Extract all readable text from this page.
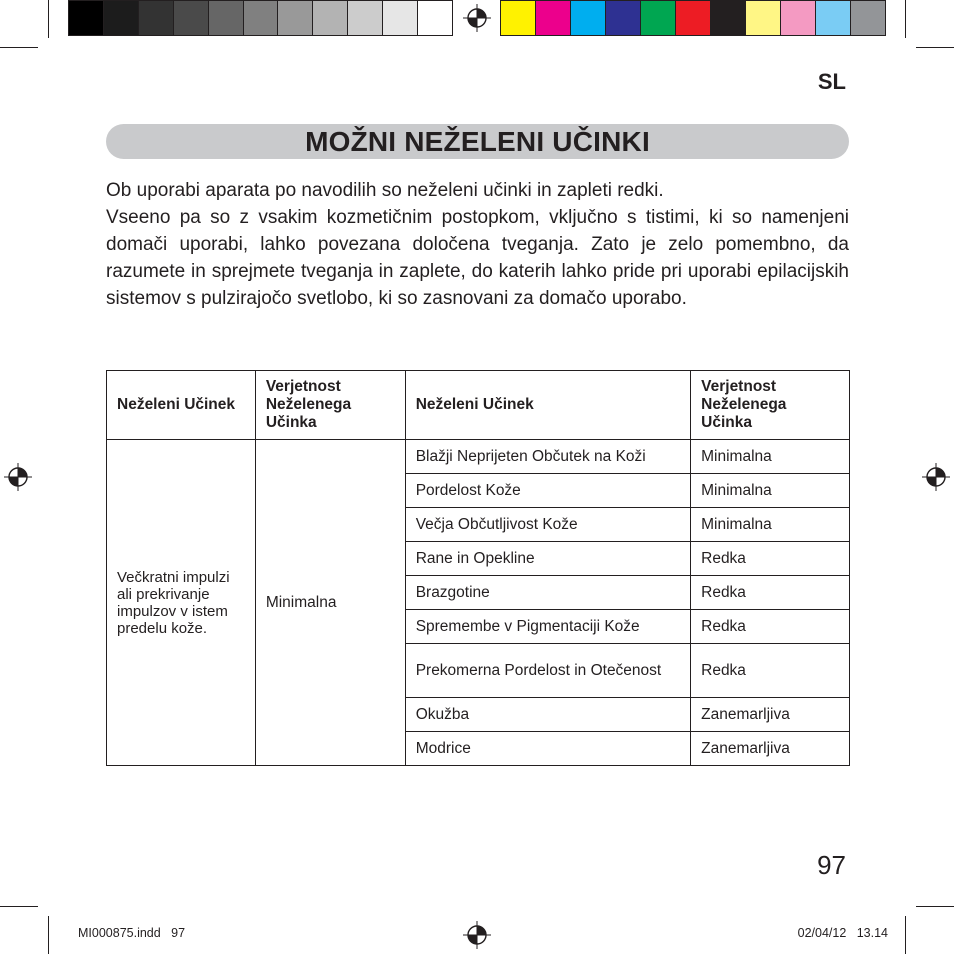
SL
MOŽNI NEŽELENI UČINKI

Ob uporabi aparata po navodilih so neželeni učinki in zapleti redki.

Vseeno pa so z vsakim kozmetičnim postopkom, vključno s tistimi, ki so namenjeni domači uporabi, lahko povezana določena tveganja. Zato je zelo pomembno, da razumete in sprejmete tveganja in zaplete, do katerih lahko pride pri uporabi epilacijskih sistemov s pulzirajočo svetlobo, ki so zasnovani za domačo uporabo.

Neželeni Učinek	Verjetnost Neželenega Učinka	Neželeni Učinek	Verjetnost Neželenega Učinka
Večkratni impulzi ali prekrivanje impulzov v istem predelu kože.	Minimalna	Blažji Neprijeten Občutek na Koži	Minimalna
		Pordelost Kože	Minimalna
		Večja Občutljivost Kože	Minimalna
		Rane in Opekline	Redka
		Brazgotine	Redka
		Spremembe v Pigmentaciji Kože	Redka
		Prekomerna Pordelost in Otečenost	Redka
		Okužba	Zanemarljiva
		Modrice	Zanemarljiva
97
MI000875.indd   97	02/04/12   13.14
